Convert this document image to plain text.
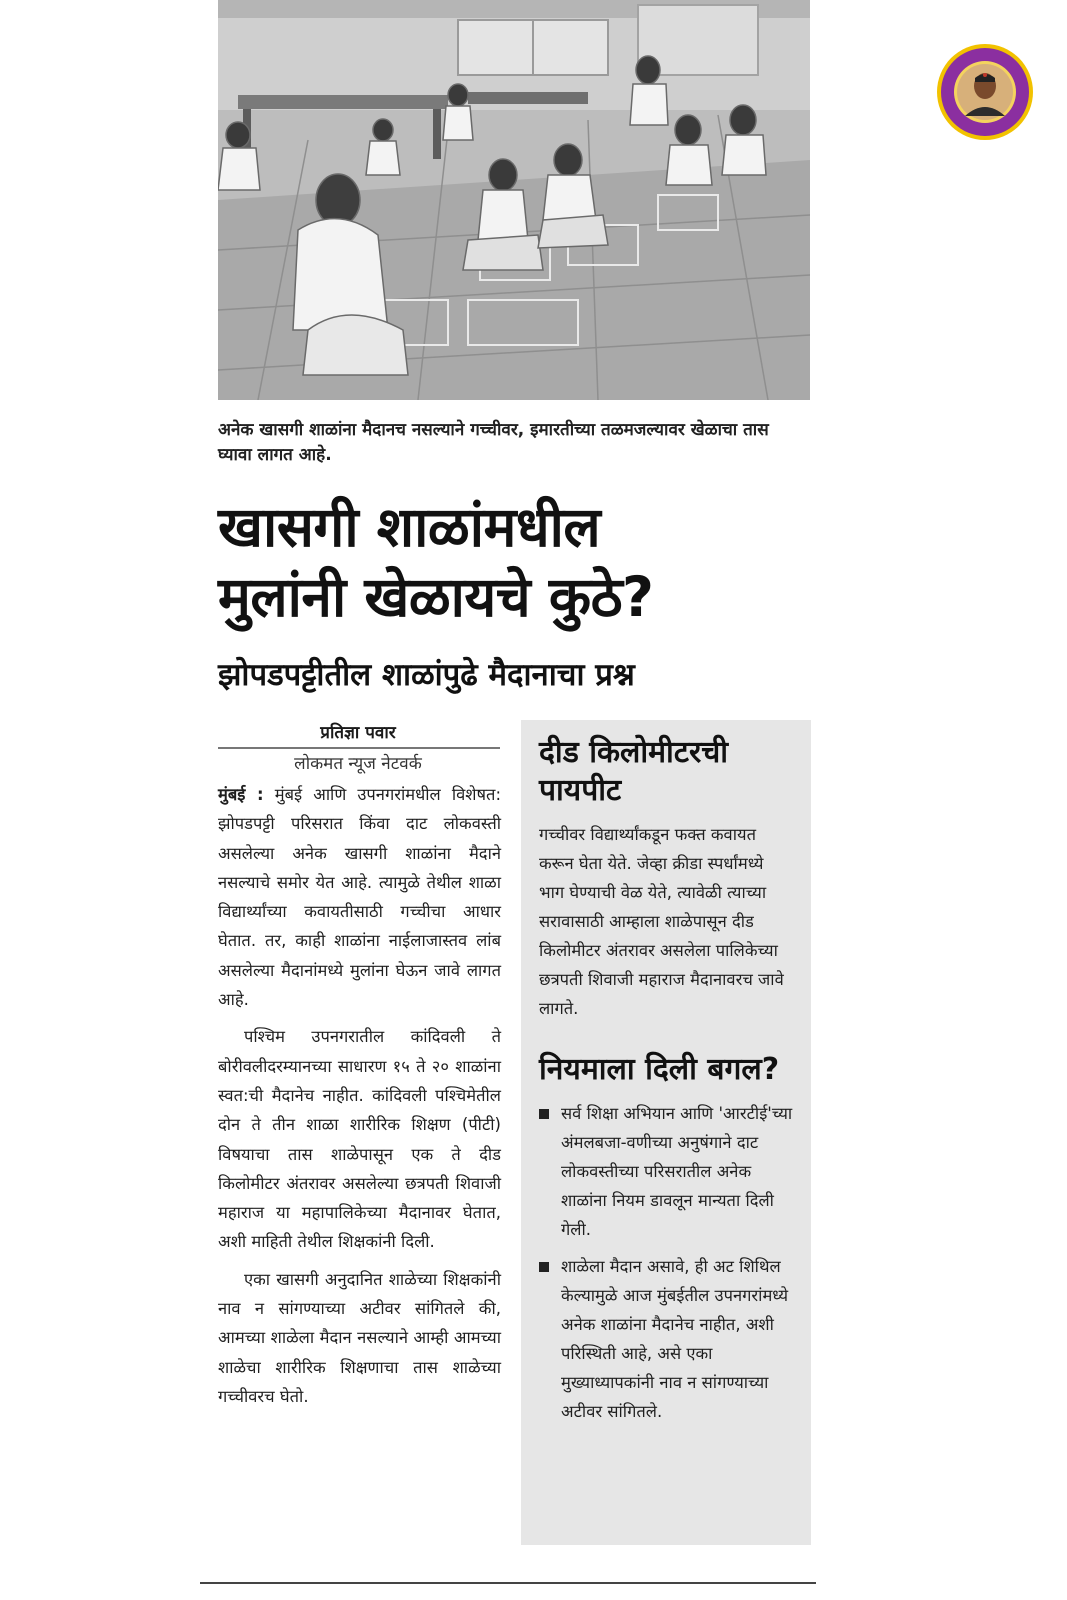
अनेक खासगी शाळांना मैदानच नसल्याने गच्चीवर, इमारतीच्या तळमजल्यावर खेळाचा तास घ्यावा लागत आहे.
खासगी शाळांमधील
मुलांनी खेळायचे कुठे?
झोपडपट्टीतील शाळांपुढे मैदानाचा प्रश्न
प्रतिज्ञा पवार
लोकमत न्यूज नेटवर्क

मुंबई : मुंबई आणि उपनगरांमधील विशेषत: झोपडपट्टी परिसरात किंवा दाट लोकवस्ती असलेल्या अनेक खासगी शाळांना मैदाने नसल्याचे समोर येत आहे. त्यामुळे तेथील शाळा विद्यार्थ्यांच्या कवायतीसाठी गच्चीचा आधार घेतात. तर, काही शाळांना नाईलाजास्तव लांब असलेल्या मैदानांमध्ये मुलांना घेऊन जावे लागत आहे.

पश्चिम उपनगरातील कांदिवली ते बोरीवलीदरम्यानच्या साधारण १५ ते २० शाळांना स्वत:ची मैदानेच नाहीत. कांदिवली पश्चिमेतील दोन ते तीन शाळा शारीरिक शिक्षण (पीटी) विषयाचा तास शाळेपासून एक ते दीड किलोमीटर अंतरावर असलेल्या छत्रपती शिवाजी महाराज या महापालिकेच्या मैदानावर घेतात, अशी माहिती तेथील शिक्षकांनी दिली.

एका खासगी अनुदानित शाळेच्या शिक्षकांनी नाव न सांगण्याच्या अटीवर सांगितले की, आमच्या शाळेला मैदान नसल्याने आम्ही आमच्या शाळेचा शारीरिक शिक्षणाचा तास शाळेच्या गच्चीवरच घेतो.

दीड किलोमीटरची पायपीट
गच्चीवर विद्यार्थ्यांकडून फक्त कवायत करून घेता येते. जेव्हा क्रीडा स्पर्धांमध्ये भाग घेण्याची वेळ येते, त्यावेळी त्याच्या सरावासाठी आम्हाला शाळेपासून दीड किलोमीटर अंतरावर असलेला पालिकेच्या छत्रपती शिवाजी महाराज मैदानावरच जावे लागते.
नियमाला दिली बगल?
सर्व शिक्षा अभियान आणि 'आरटीई'च्या अंमलबजा-वणीच्या अनुषंगाने दाट लोकवस्तीच्या परिसरातील अनेक शाळांना नियम डावलून मान्यता दिली गेली.
शाळेला मैदान असावे, ही अट शिथिल केल्यामुळे आज मुंबईतील उपनगरांमध्ये अनेक शाळांना मैदानेच नाहीत, अशी परिस्थिती आहे, असे एका मुख्याध्यापकांनी नाव न सांगण्याच्या अटीवर सांगितले.
